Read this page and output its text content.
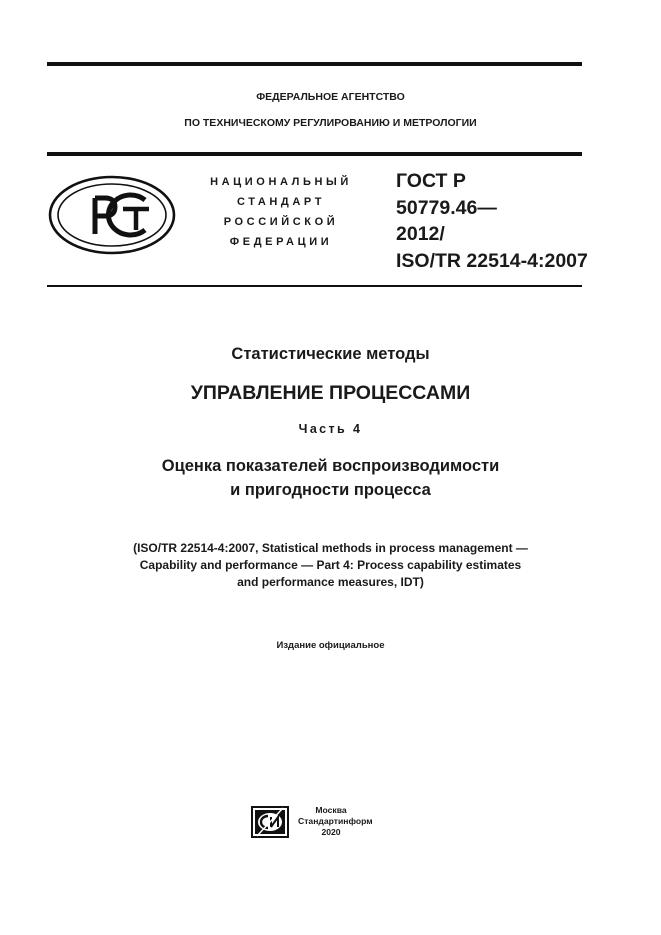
ФЕДЕРАЛЬНОЕ АГЕНТСТВО
ПО ТЕХНИЧЕСКОМУ РЕГУЛИРОВАНИЮ И МЕТРОЛОГИИ
НАЦИОНАЛЬНЫЙ
СТАНДАРТ
РОССИЙСКОЙ
ФЕДЕРАЦИИ
ГОСТ Р
50779.46—
2012/
ISO/TR 22514-4:2007
Статистические методы
УПРАВЛЕНИЕ ПРОЦЕССАМИ
Часть 4
Оценка показателей воспроизводимости
и пригодности процесса
(ISO/TR 22514-4:2007, Statistical methods in process management —
Capability and performance — Part 4: Process capability estimates
and performance measures, IDT)
Издание официальное
Москва
Стандартинформ
2020
